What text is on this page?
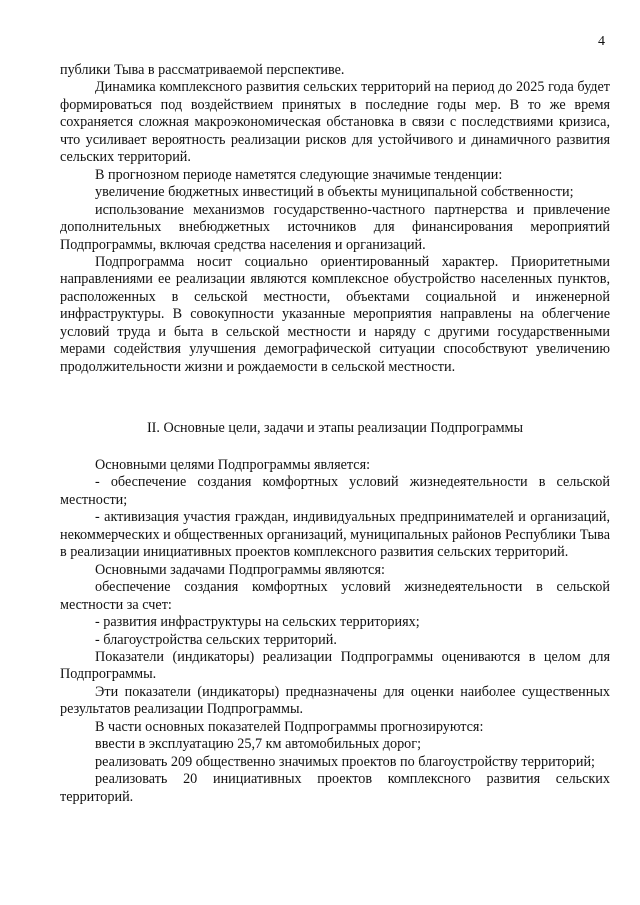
4

публики Тыва в рассматриваемой перспективе.

Динамика комплексного развития сельских территорий на период до 2025 года будет формироваться под воздействием принятых в последние годы мер. В то же время сохраняется сложная макроэкономическая обстановка в связи с последствиями кризиса, что усиливает вероятность реализации рисков для устойчивого и динамичного развития сельских территорий.

В прогнозном периоде наметятся следующие значимые тенденции:

увеличение бюджетных инвестиций в объекты муниципальной собственности;

использование механизмов государственно-частного партнерства и привлечение дополнительных внебюджетных источников для финансирования мероприятий Подпрограммы, включая средства населения и организаций.

Подпрограмма носит социально ориентированный характер. Приоритетными направлениями ее реализации являются комплексное обустройство населенных пунктов, расположенных в сельской местности, объектами социальной и инженерной инфраструктуры. В совокупности указанные мероприятия направлены на облегчение условий труда и быта в сельской местности и наряду с другими государственными мерами содействия улучшения демографической ситуации способствуют увеличению продолжительности жизни и рождаемости в сельской местности.

II. Основные цели, задачи и этапы реализации Подпрограммы

Основными целями Подпрограммы является:

- обеспечение создания комфортных условий жизнедеятельности в сельской местности;

- активизация участия граждан, индивидуальных предпринимателей и организаций, некоммерческих и общественных организаций, муниципальных районов Республики Тыва в реализации инициативных проектов комплексного развития сельских территорий.

Основными задачами Подпрограммы являются:

обеспечение создания комфортных условий жизнедеятельности в сельской местности за счет:

- развития инфраструктуры на сельских территориях;

- благоустройства сельских территорий.

Показатели (индикаторы) реализации Подпрограммы оцениваются в целом для Подпрограммы.

Эти показатели (индикаторы) предназначены для оценки наиболее существенных результатов реализации Подпрограммы.

В части основных показателей Подпрограммы прогнозируются:

ввести в эксплуатацию 25,7 км автомобильных дорог;

реализовать 209 общественно значимых проектов по благоустройству территорий;

реализовать 20 инициативных проектов комплексного развития сельских территорий.
